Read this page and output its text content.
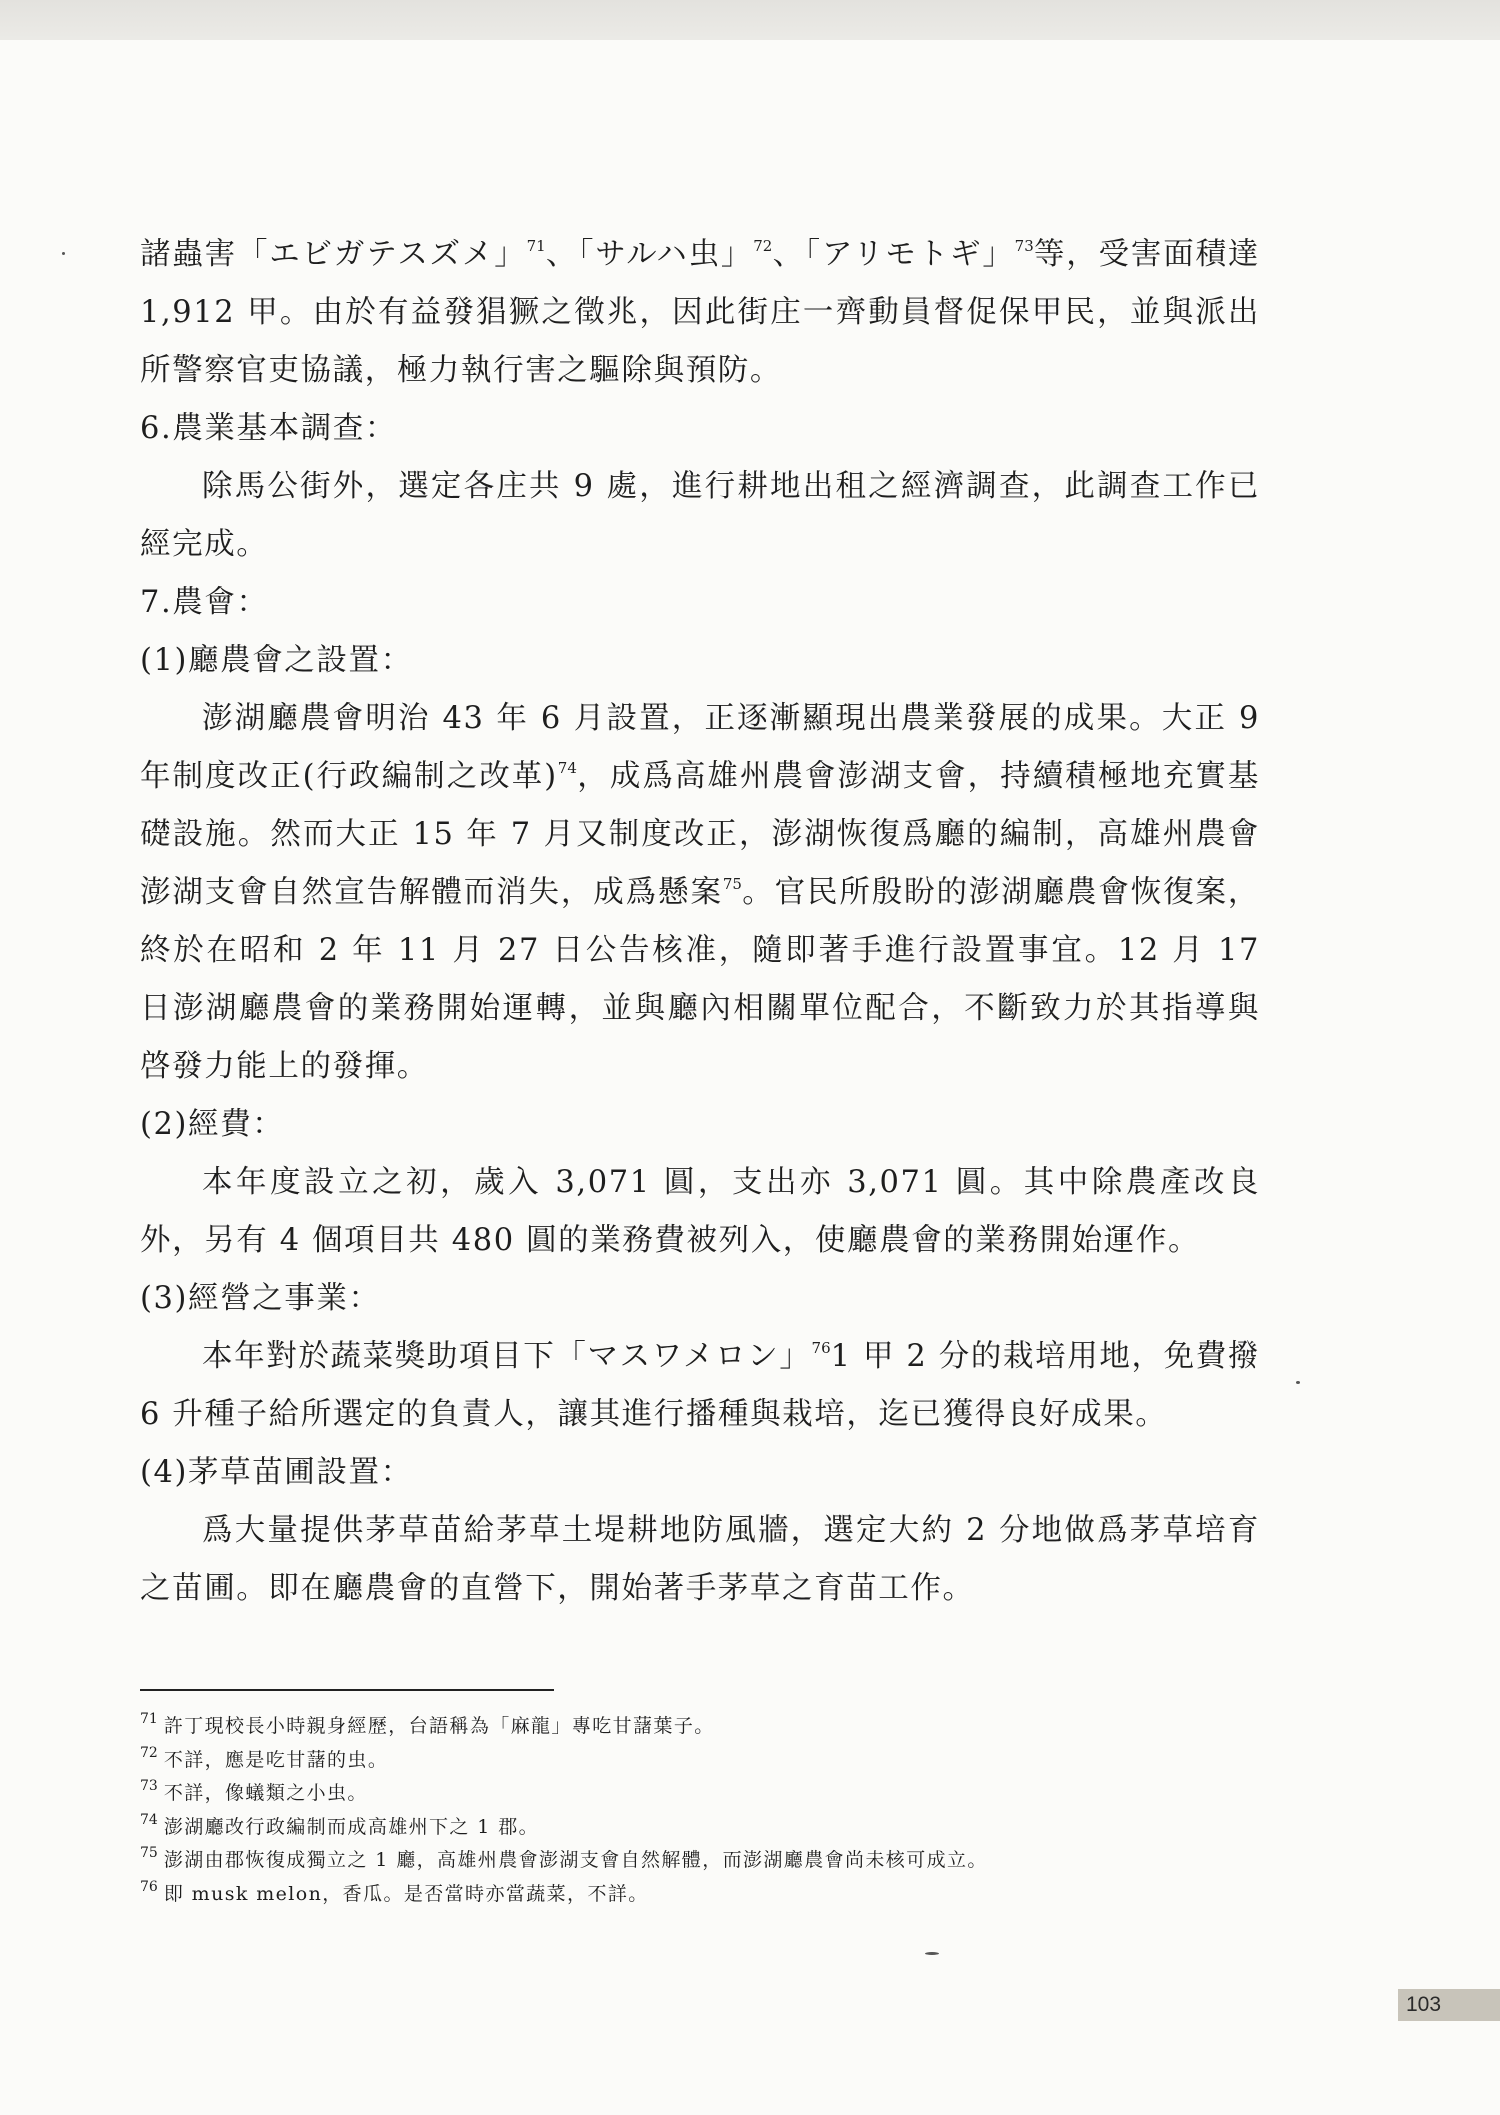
諸蟲害「エビガテスズメ」$^{71}$、「サルハ虫」$^{72}$、「アリモトギ」$^{73}$等，受害面積達 1,912 甲。由於有益發猖獗之徵兆，因此街庄一齊動員督促保甲民，並與派出所警察官吏協議，極力執行害之驅除與預防。

6.農業基本調查：

除馬公街外，選定各庄共 9 處，進行耕地出租之經濟調查，此調查工作已經完成。

7.農會：

(1)廳農會之設置：

澎湖廳農會明治 43 年 6 月設置，正逐漸顯現出農業發展的成果。大正 9 年制度改正(行政編制之改革)$^{74}$，成爲高雄州農會澎湖支會，持續積極地充實基礎設施。然而大正 15 年 7 月又制度改正，澎湖恢復爲廳的編制，高雄州農會澎湖支會自然宣告解體而消失，成爲懸案$^{75}$。官民所殷盼的澎湖廳農會恢復案，終於在昭和 2 年 11 月 27 日公告核准，隨即著手進行設置事宜。12 月 17 日澎湖廳農會的業務開始運轉，並與廳內相關單位配合，不斷致力於其指導與啓發力能上的發揮。

(2)經費：

本年度設立之初，歲入 3,071 圓，支出亦 3,071 圓。其中除農產改良外，另有 4 個項目共 480 圓的業務費被列入，使廳農會的業務開始運作。

(3)經營之事業：

本年對於蔬菜獎助項目下「マスワメロン」$^{76}$1 甲 2 分的栽培用地，免費撥 6 升種子給所選定的負責人，讓其進行播種與栽培，迄已獲得良好成果。

(4)茅草苗圃設置：

爲大量提供茅草苗給茅草土堤耕地防風牆，選定大約 2 分地做爲茅草培育之苗圃。即在廳農會的直營下，開始著手茅草之育苗工作。

$^{71}$ 許丁現校長小時親身經歷，台語稱為「麻龍」專吃甘藷葉子。
$^{72}$ 不詳，應是吃甘藷的虫。
$^{73}$ 不詳，像蟻類之小虫。
$^{74}$ 澎湖廳改行政編制而成高雄州下之 1 郡。
$^{75}$ 澎湖由郡恢復成獨立之 1 廳，高雄州農會澎湖支會自然解體，而澎湖廳農會尚未核可成立。
$^{76}$ 即 musk melon，香瓜。是否當時亦當蔬菜，不詳。
103
